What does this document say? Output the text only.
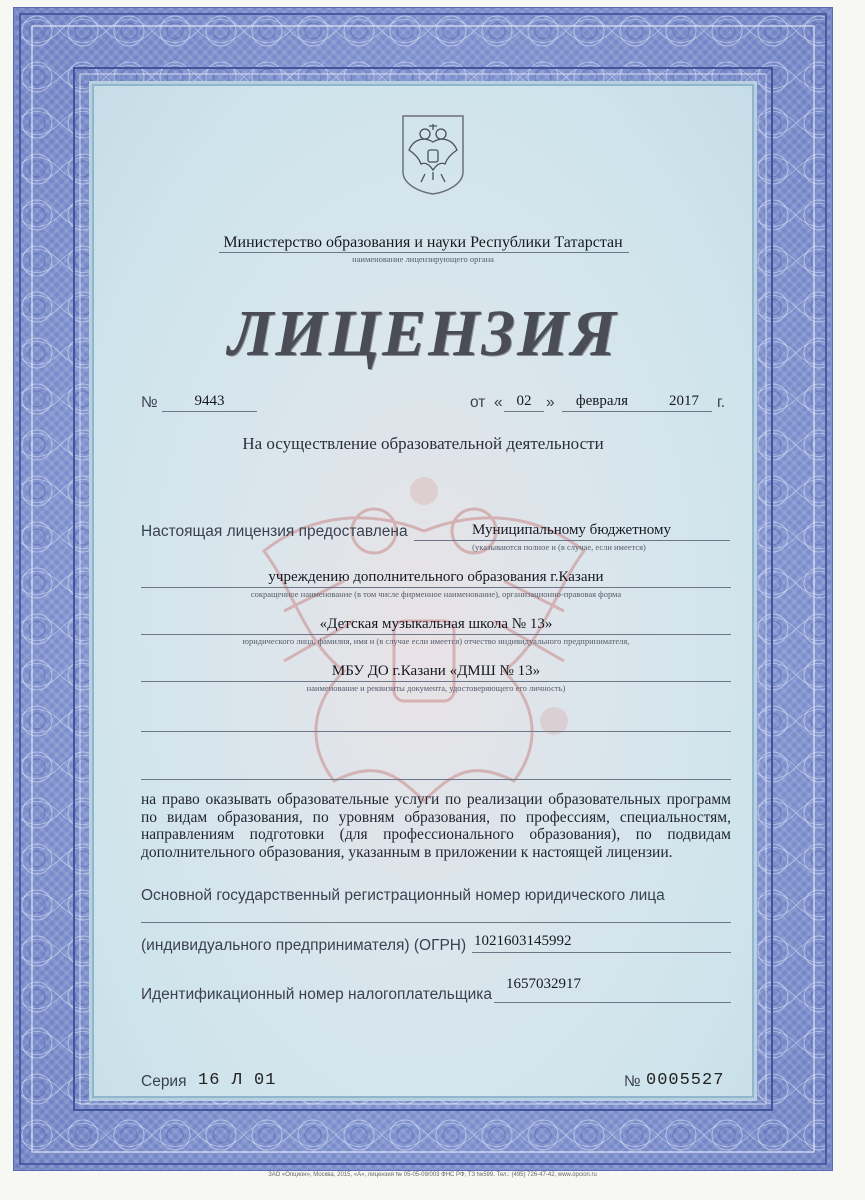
Министерство образования и науки Республики Татарстан
наименование лицензирующего органа
ЛИЦЕНЗИЯ
№	9443	от « 02 »	февраля	2017	г.
На осуществление образовательной деятельности
Настоящая лицензия предоставлена	Муниципальному бюджетному
(указываются полное и (в случае, если имеется)
учреждению дополнительного образования г.Казани
сокращенное наименование (в том числе фирменное наименование), организационно-правовая форма
«Детская музыкальная школа № 13»
юридического лица, фамилия, имя и (в случае если имеется) отчество индивидуального предпринимателя,
МБУ ДО г.Казани «ДМШ № 13»
наименование и реквизиты документа, удостоверяющего его личность)
на право оказывать образовательные услуги по реализации образовательных программ по видам образования, по уровням образования, по профессиям, специальностям, направлениям подготовки (для профессионального образования), по подвидам дополнительного образования, указанным в приложении к настоящей лицензии.
Основной государственный регистрационный номер юридического лица
(индивидуального предпринимателя) (ОГРН) 1021603145992
Идентификационный номер налогоплательщика
1657032917
Серия 16 Л 01	№ 0005527
ЗАО «Опцион», Москва, 2015, «А», лицензия № 05-05-09/003 ФНС РФ, ТЗ №599. Тел.: (495) 726-47-42, www.opcion.ru
